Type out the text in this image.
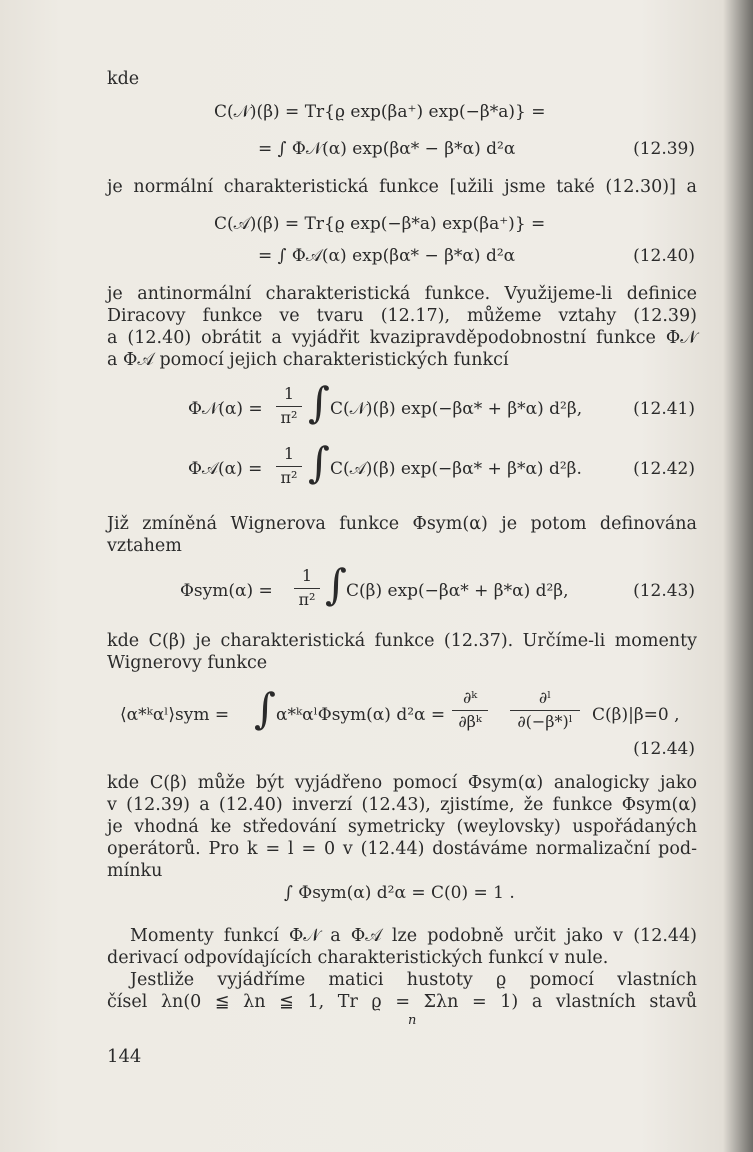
kde
C(𝒩)(β) = Tr{ϱ exp(βa⁺) exp(−β*a)} =
= ∫ Φ𝒩(α) exp(βα* − β*α) d²α	(12.39)
je normální charakteristická funkce [užili jsme také (12.30)] a
C(𝒜)(β) = Tr{ϱ exp(−β*a) exp(βa⁺)} =
= ∫ Φ𝒜(α) exp(βα* − β*α) d²α	(12.40)
je antinormální charakteristická funkce. Využijeme-li definice
Diracovy funkce ve tvaru (12.17), můžeme vztahy (12.39)
a (12.40) obrátit a vyjádřit kvazipravděpodobnostní funkce Φ𝒩
a Φ𝒜 pomocí jejich charakteristických funkcí
Φ𝒩(α) =
1
π² ∫ C(𝒩)(β) exp(−βα* + β*α) d²β,	(12.41)
Φ𝒜(α) =
1
π² ∫ C(𝒜)(β) exp(−βα* + β*α) d²β.	(12.42)
Již zmíněná Wignerova funkce Φsym(α) je potom definována
vztahem
Φsym(α) =
1
π² ∫ C(β) exp(−βα* + β*α) d²β,	(12.43)
kde C(β) je charakteristická funkce (12.37). Určíme-li momenty
Wignerovy funkce
⟨α*ᵏαˡ⟩sym = ∫ α*ᵏαˡΦsym(α) d²α =
∂ᵏ
∂βᵏ
∂ˡ
∂(−β*)ˡ	C(β)|β=0 ,
(12.44)
kde C(β) může být vyjádřeno pomocí Φsym(α) analogicky jako
v (12.39) a (12.40) inverzí (12.43), zjistíme, že funkce Φsym(α)
je vhodná ke středování symetricky (weylovsky) uspořádaných
operátorů. Pro k = l = 0 v (12.44) dostáváme normalizační pod-
mínku
∫ Φsym(α) d²α = C(0) = 1 .
Momenty funkcí Φ𝒩 a Φ𝒜 lze podobně určit jako v (12.44)
derivací odpovídajících charakteristických funkcí v nule.
Jestliže vyjádříme matici hustoty ϱ pomocí vlastních
čísel λn(0 ≦ λn ≦ 1, Tr ϱ = Σλn = 1) a vlastních stavů
n
144
